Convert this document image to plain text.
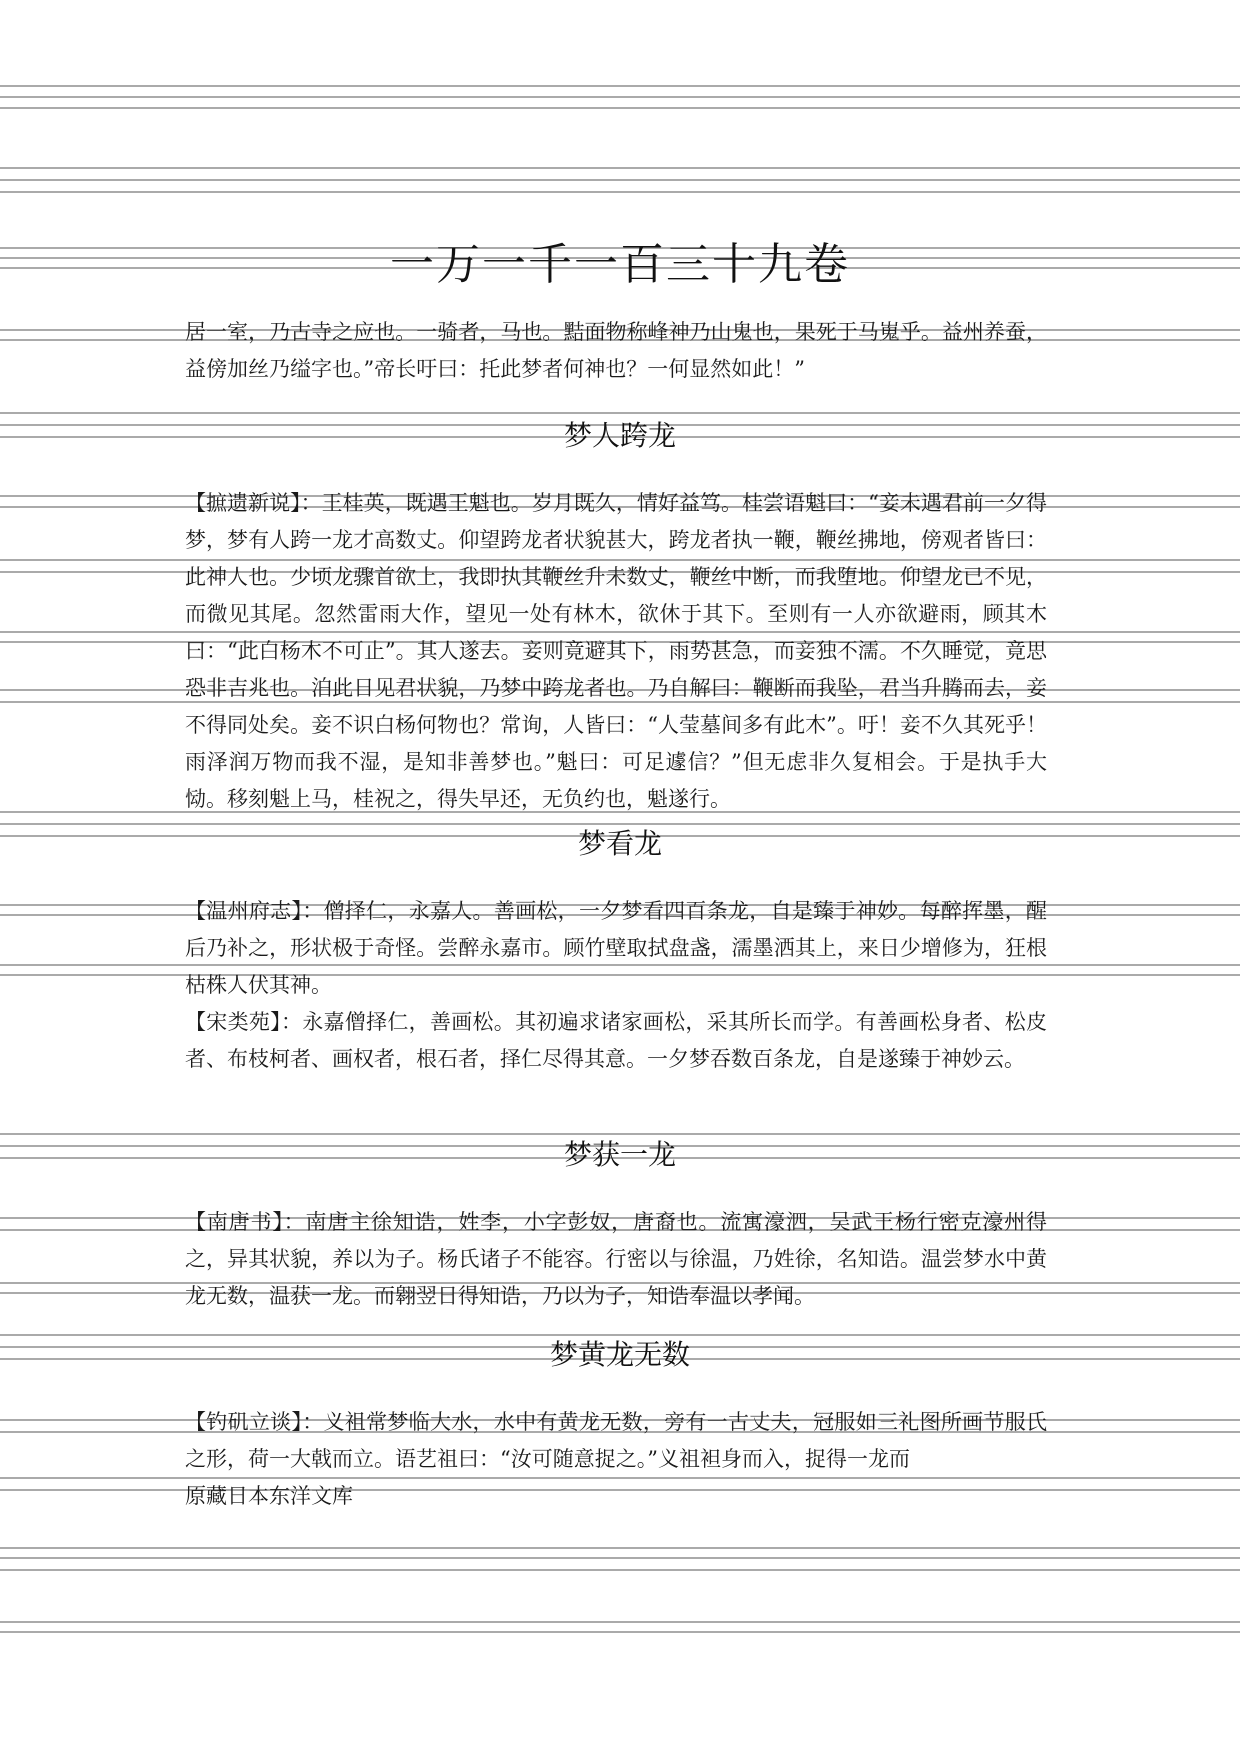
一万一千一百三十九卷

居一室，乃古寺之应也。一骑者，马也。黠面物称峰神乃山鬼也，果死于马嵬乎。益州养蚕，益傍加丝乃缢字也。”帝长吁曰：托此梦者何神也？一何显然如此！”

梦人跨龙

【摭遗新说】：王桂英，既遇王魁也。岁月既久，情好益笃。桂尝语魁曰：“妾未遇君前一夕得梦，梦有人跨一龙才高数丈。仰望跨龙者状貌甚大，跨龙者执一鞭，鞭丝拂地，傍观者皆曰：此神人也。少顷龙骤首欲上，我即执其鞭丝升未数丈，鞭丝中断，而我堕地。仰望龙已不见，而微见其尾。忽然雷雨大作，望见一处有林木，欲休于其下。至则有一人亦欲避雨，顾其木曰：“此白杨木不可止”。其人遂去。妾则竟避其下，雨势甚急，而妾独不濡。不久睡觉，竟思恐非吉兆也。泊此日见君状貌，乃梦中跨龙者也。乃自解曰：鞭断而我坠，君当升腾而去，妾不得同处矣。妾不识白杨何物也？常询，人皆曰：“人莹墓间多有此木”。吁！妾不久其死乎！雨泽润万物而我不湿，是知非善梦也。”魁曰：可足遽信？”但无虑非久复相会。于是执手大恸。移刻魁上马，桂祝之，得失早还，无负约也，魁遂行。

梦看龙

【温州府志】：僧择仁，永嘉人。善画松，一夕梦看四百条龙，自是臻于神妙。每醉挥墨，醒后乃补之，形状极于奇怪。尝醉永嘉市。顾竹壁取拭盘盏，濡墨洒其上，来日少增修为，狂根枯株人伏其神。

【宋类苑】：永嘉僧择仁，善画松。其初遍求诸家画松，采其所长而学。有善画松身者、松皮者、布枝柯者、画权者，根石者，择仁尽得其意。一夕梦吞数百条龙，自是遂臻于神妙云。

梦获一龙

【南唐书】：南唐主徐知诰，姓李，小字彭奴，唐裔也。流寓濠泗，吴武王杨行密克濠州得之，异其状貌，养以为子。杨氏诸子不能容。行密以与徐温，乃姓徐，名知诰。温尝梦水中黄龙无数，温获一龙。而翱翌日得知诰，乃以为子，知诰奉温以孝闻。

梦黄龙无数

【钓矶立谈】：义祖常梦临大水，水中有黄龙无数，旁有一古丈夫，冠服如三礼图所画节服氏之形，荷一大戟而立。语艺祖曰：“汝可随意捉之。”义祖袒身而入，捉得一龙而

原藏日本东洋文库
